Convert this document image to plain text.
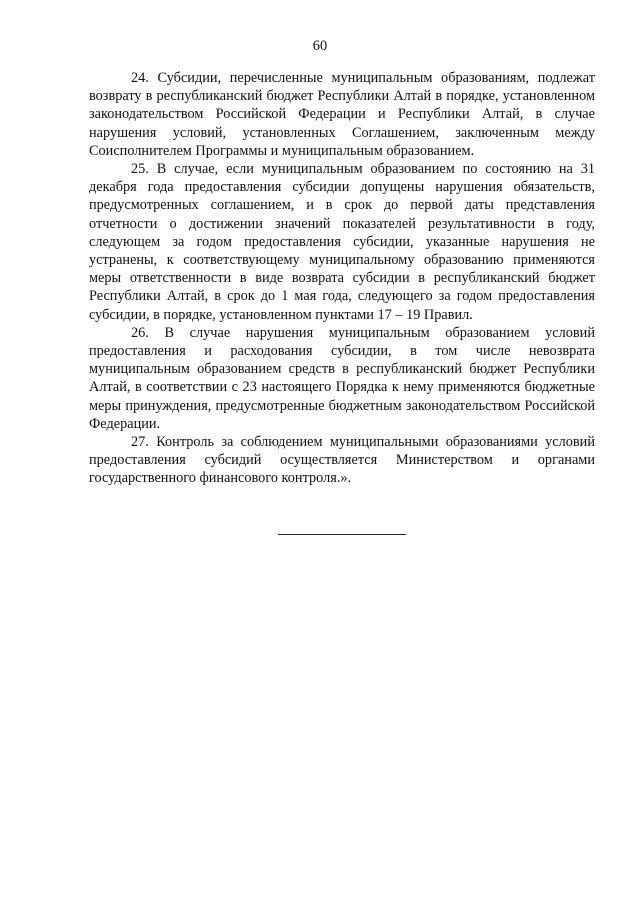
60

24. Субсидии, перечисленные муниципальным образованиям, подлежат возврату в республиканский бюджет Республики Алтай в порядке, установленном законодательством Российской Федерации и Республики Алтай, в случае нарушения условий, установленных Соглашением, заключенным между Соисполнителем Программы и муниципальным образованием.

25. В случае, если муниципальным образованием по состоянию на 31 декабря года предоставления субсидии допущены нарушения обязательств, предусмотренных соглашением, и в срок до первой даты представления отчетности о достижении значений показателей результативности в году, следующем за годом предоставления субсидии, указанные нарушения не устранены, к соответствующему муниципальному образованию применяются меры ответственности в виде возврата субсидии в республиканский бюджет Республики Алтай, в срок до 1 мая года, следующего за годом предоставления субсидии, в порядке, установленном пунктами 17 – 19 Правил.

26. В случае нарушения муниципальным образованием условий предоставления и расходования субсидии, в том числе невозврата муниципальным образованием средств в республиканский бюджет Республики Алтай, в соответствии с 23 настоящего Порядка к нему применяются бюджетные меры принуждения, предусмотренные бюджетным законодательством Российской Федерации.

27. Контроль за соблюдением муниципальными образованиями условий предоставления субсидий осуществляется Министерством и органами государственного финансового контроля.».
